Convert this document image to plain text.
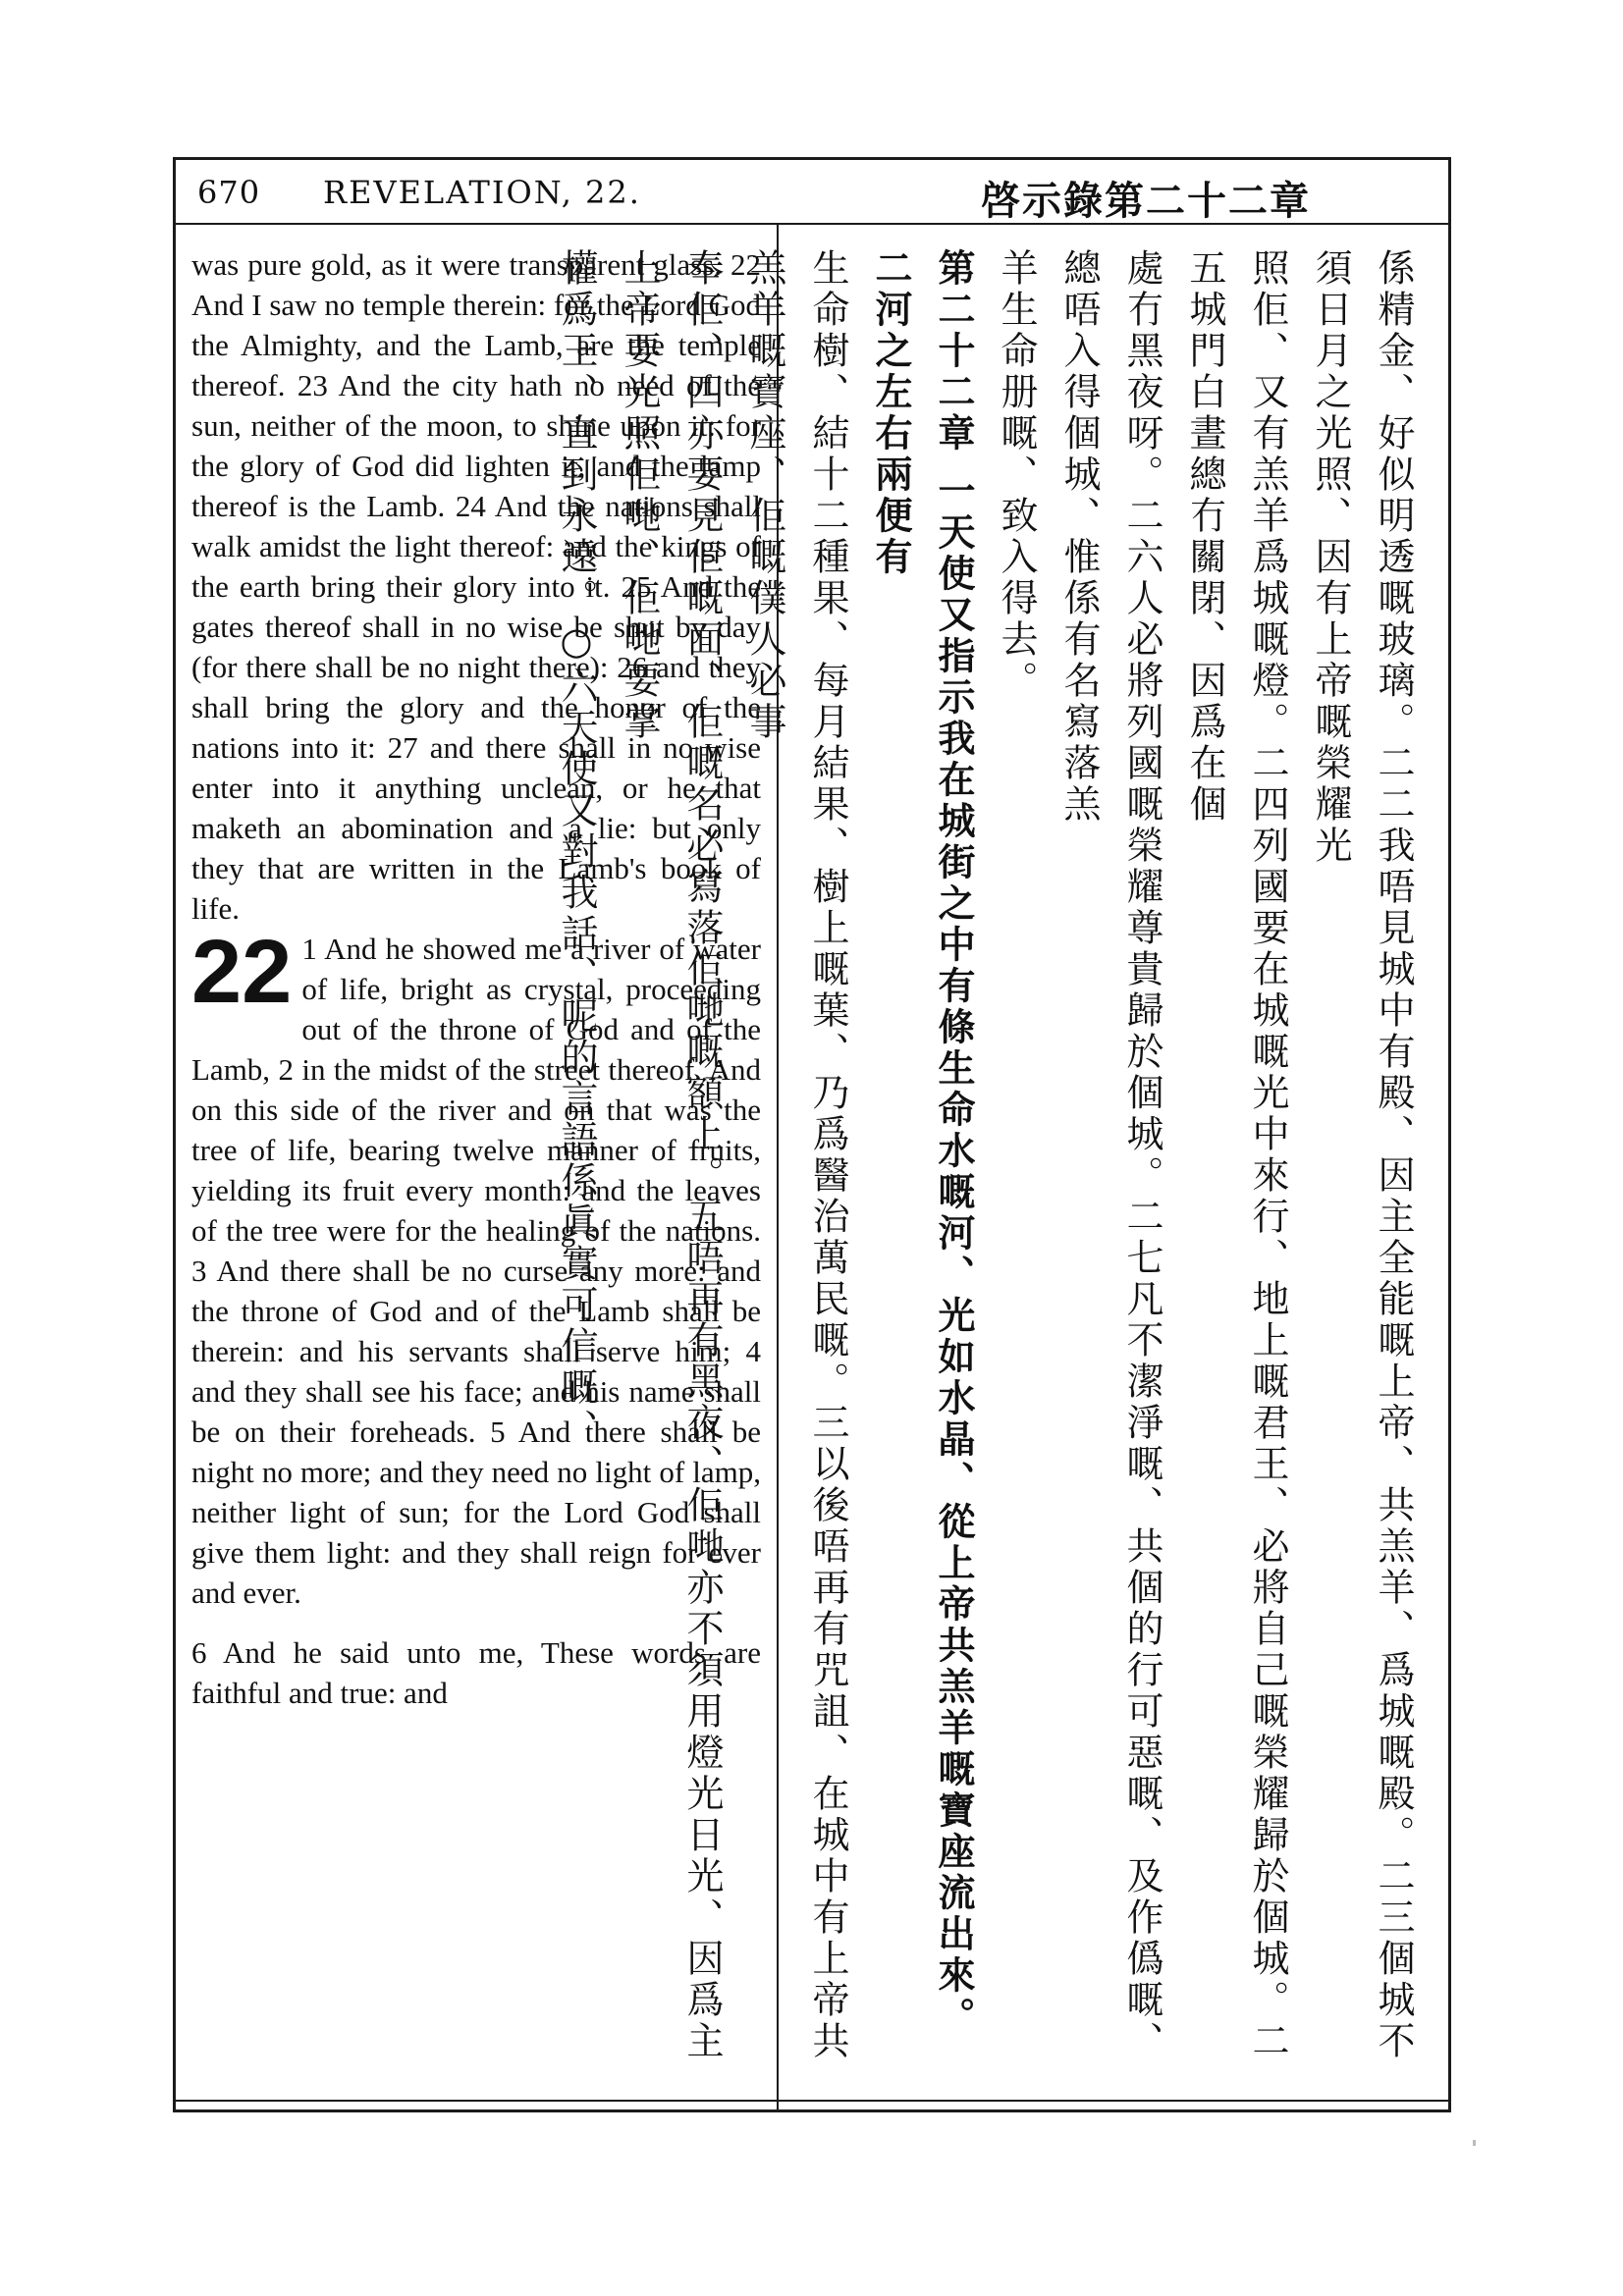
670 REVELATION, 22.	啓示錄第二十二章

was pure gold, as it were transparent glass. 22 And I saw no temple therein: for the Lord God the Almighty, and the Lamb, are the temple thereof. 23 And the city hath no need of the sun, neither of the moon, to shine upon it: for the glory of God did lighten it, and the lamp thereof is the Lamb. 24 And the nations shall walk amidst the light thereof: and the kings of the earth bring their glory into it. 25 And the gates thereof shall in no wise be shut by day (for there shall be no night there): 26 and they shall bring the glory and the honor of the nations into it: 27 and there shall in no wise enter into it anything unclean, or he that maketh an abomination and a lie: but only they that are written in the Lamb's book of life.

22 1 And he showed me a river of water of life, bright as crystal, proceeding out of the throne of God and of the Lamb, 2 in the midst of the street thereof. And on this side of the river and on that was the tree of life, bearing twelve manner of fruits, yielding its fruit every month: and the leaves of the tree were for the healing of the nations. 3 And there shall be no curse any more: and the throne of God and of the Lamb shall be therein: and his servants shall serve him; 4 and they shall see his face; and his name shall be on their foreheads. 5 And there shall be night no more; and they need no light of lamp, neither light of sun; for the Lord God shall give them light: and they shall reign for ever and ever.

6 And he said unto me, These words are faithful and true: and	係精金、好似明透嘅玻璃。二二我唔見城中有殿、因主全能嘅上帝、共羔羊、爲城嘅殿。二三個城不須日月之光照、因有上帝嘅榮耀光

照佢、又有羔羊爲城嘅燈。二四列國要在城嘅光中來行、地上嘅君王、必將自己嘅榮耀歸於個城。二五城門白晝總冇關閉、因爲在個

處冇黑夜呀。二六人必將列國嘅榮耀尊貴歸於個城。二七凡不潔淨嘅、共個的行可惡嘅、及作僞嘅、總唔入得個城、惟係有名寫落羔

羊生命册嘅、致入得去。

第二十二章 一天使又指示我在城街之中有條生命水嘅河、光如水晶、從上帝共羔羊嘅寶座流出來。二河之左右兩便有

生命樹、結十二種果、每月結果、樹上嘅葉、乃爲醫治萬民嘅。三以後唔再有咒詛、在城中有上帝共羔羊嘅寶座、佢嘅僕人必事

奉佢、四亦要見佢嘅面、佢嘅名必寫落佢哋嘅額上。五唔再有黑夜、佢哋亦不須用燈光日光、因爲主上帝要光照佢哋、佢哋要掌

權爲王、直到永遠。○六天使又對我話、呢的言語係眞實可信嘅、
